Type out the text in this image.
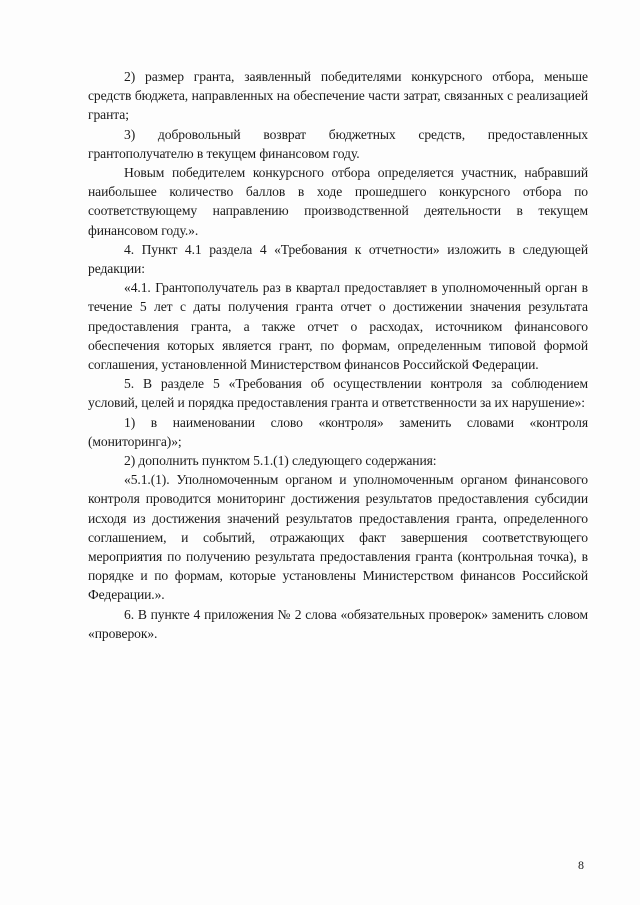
2) размер гранта, заявленный победителями конкурсного отбора, меньше средств бюджета, направленных на обеспечение части затрат, связанных с реализацией гранта;

3) добровольный возврат бюджетных средств, предоставленных грантополучателю в текущем финансовом году.

Новым победителем конкурсного отбора определяется участник, набравший наибольшее количество баллов в ходе прошедшего конкурсного отбора по соответствующему направлению производственной деятельности в текущем финансовом году.».

4. Пункт 4.1 раздела 4 «Требования к отчетности» изложить в следующей редакции:

«4.1. Грантополучатель раз в квартал предоставляет в уполномоченный орган в течение 5 лет с даты получения гранта отчет о достижении значения результата предоставления гранта, а также отчет о расходах, источником финансового обеспечения которых является грант, по формам, определенным типовой формой соглашения, установленной Министерством финансов Российской Федерации.

5. В разделе 5 «Требования об осуществлении контроля за соблюдением условий, целей и порядка предоставления гранта и ответственности за их нарушение»:

1) в наименовании слово «контроля» заменить словами «контроля (мониторинга)»;

2) дополнить пунктом 5.1.(1) следующего содержания:

«5.1.(1). Уполномоченным органом и уполномоченным органом финансового контроля проводится мониторинг достижения результатов предоставления субсидии исходя из достижения значений результатов предоставления гранта, определенного соглашением, и событий, отражающих факт завершения соответствующего мероприятия по получению результата предоставления гранта (контрольная точка), в порядке и по формам, которые установлены Министерством финансов Российской Федерации.».

6. В пункте 4 приложения № 2 слова «обязательных проверок» заменить словом «проверок».

8
